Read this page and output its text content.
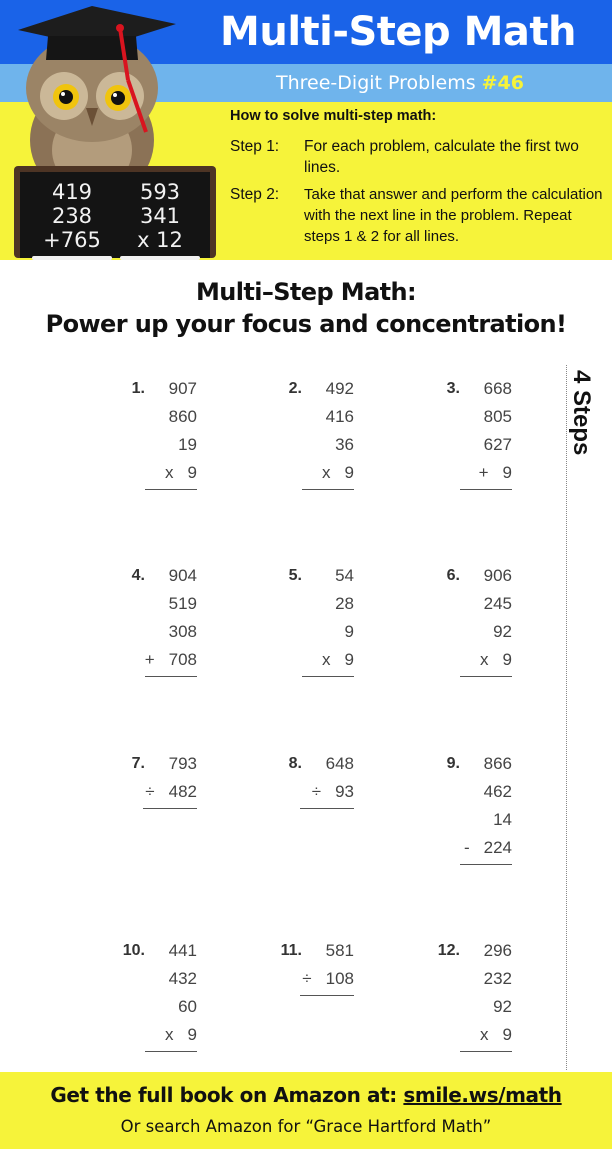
Multi-Step Math
Three-Digit Problems #46
419
238
+765
593
341
x 12
How to solve multi-step math:
Step 1: For each problem, calculate the first two lines.
Step 2: Take that answer and perform the calculation with the next line in the problem. Repeat steps 1 & 2 for all lines.
Multi–Step Math:
Power up your focus and concentration!
1. 907
860
19
x 9
2. 492
416
36
x 9
3. 668
805
627
+ 9
4. 904
519
308
+ 708
5. 54
28
9
x 9
6. 906
245
92
x 9
7. 793
÷ 482
8. 648
÷ 93
9. 866
462
14
- 224
10. 441
432
60
x 9
11. 581
÷ 108
12. 296
232
92
x 9
4 Steps
Get the full book on Amazon at: smile.ws/math
Or search Amazon for “Grace Hartford Math”
